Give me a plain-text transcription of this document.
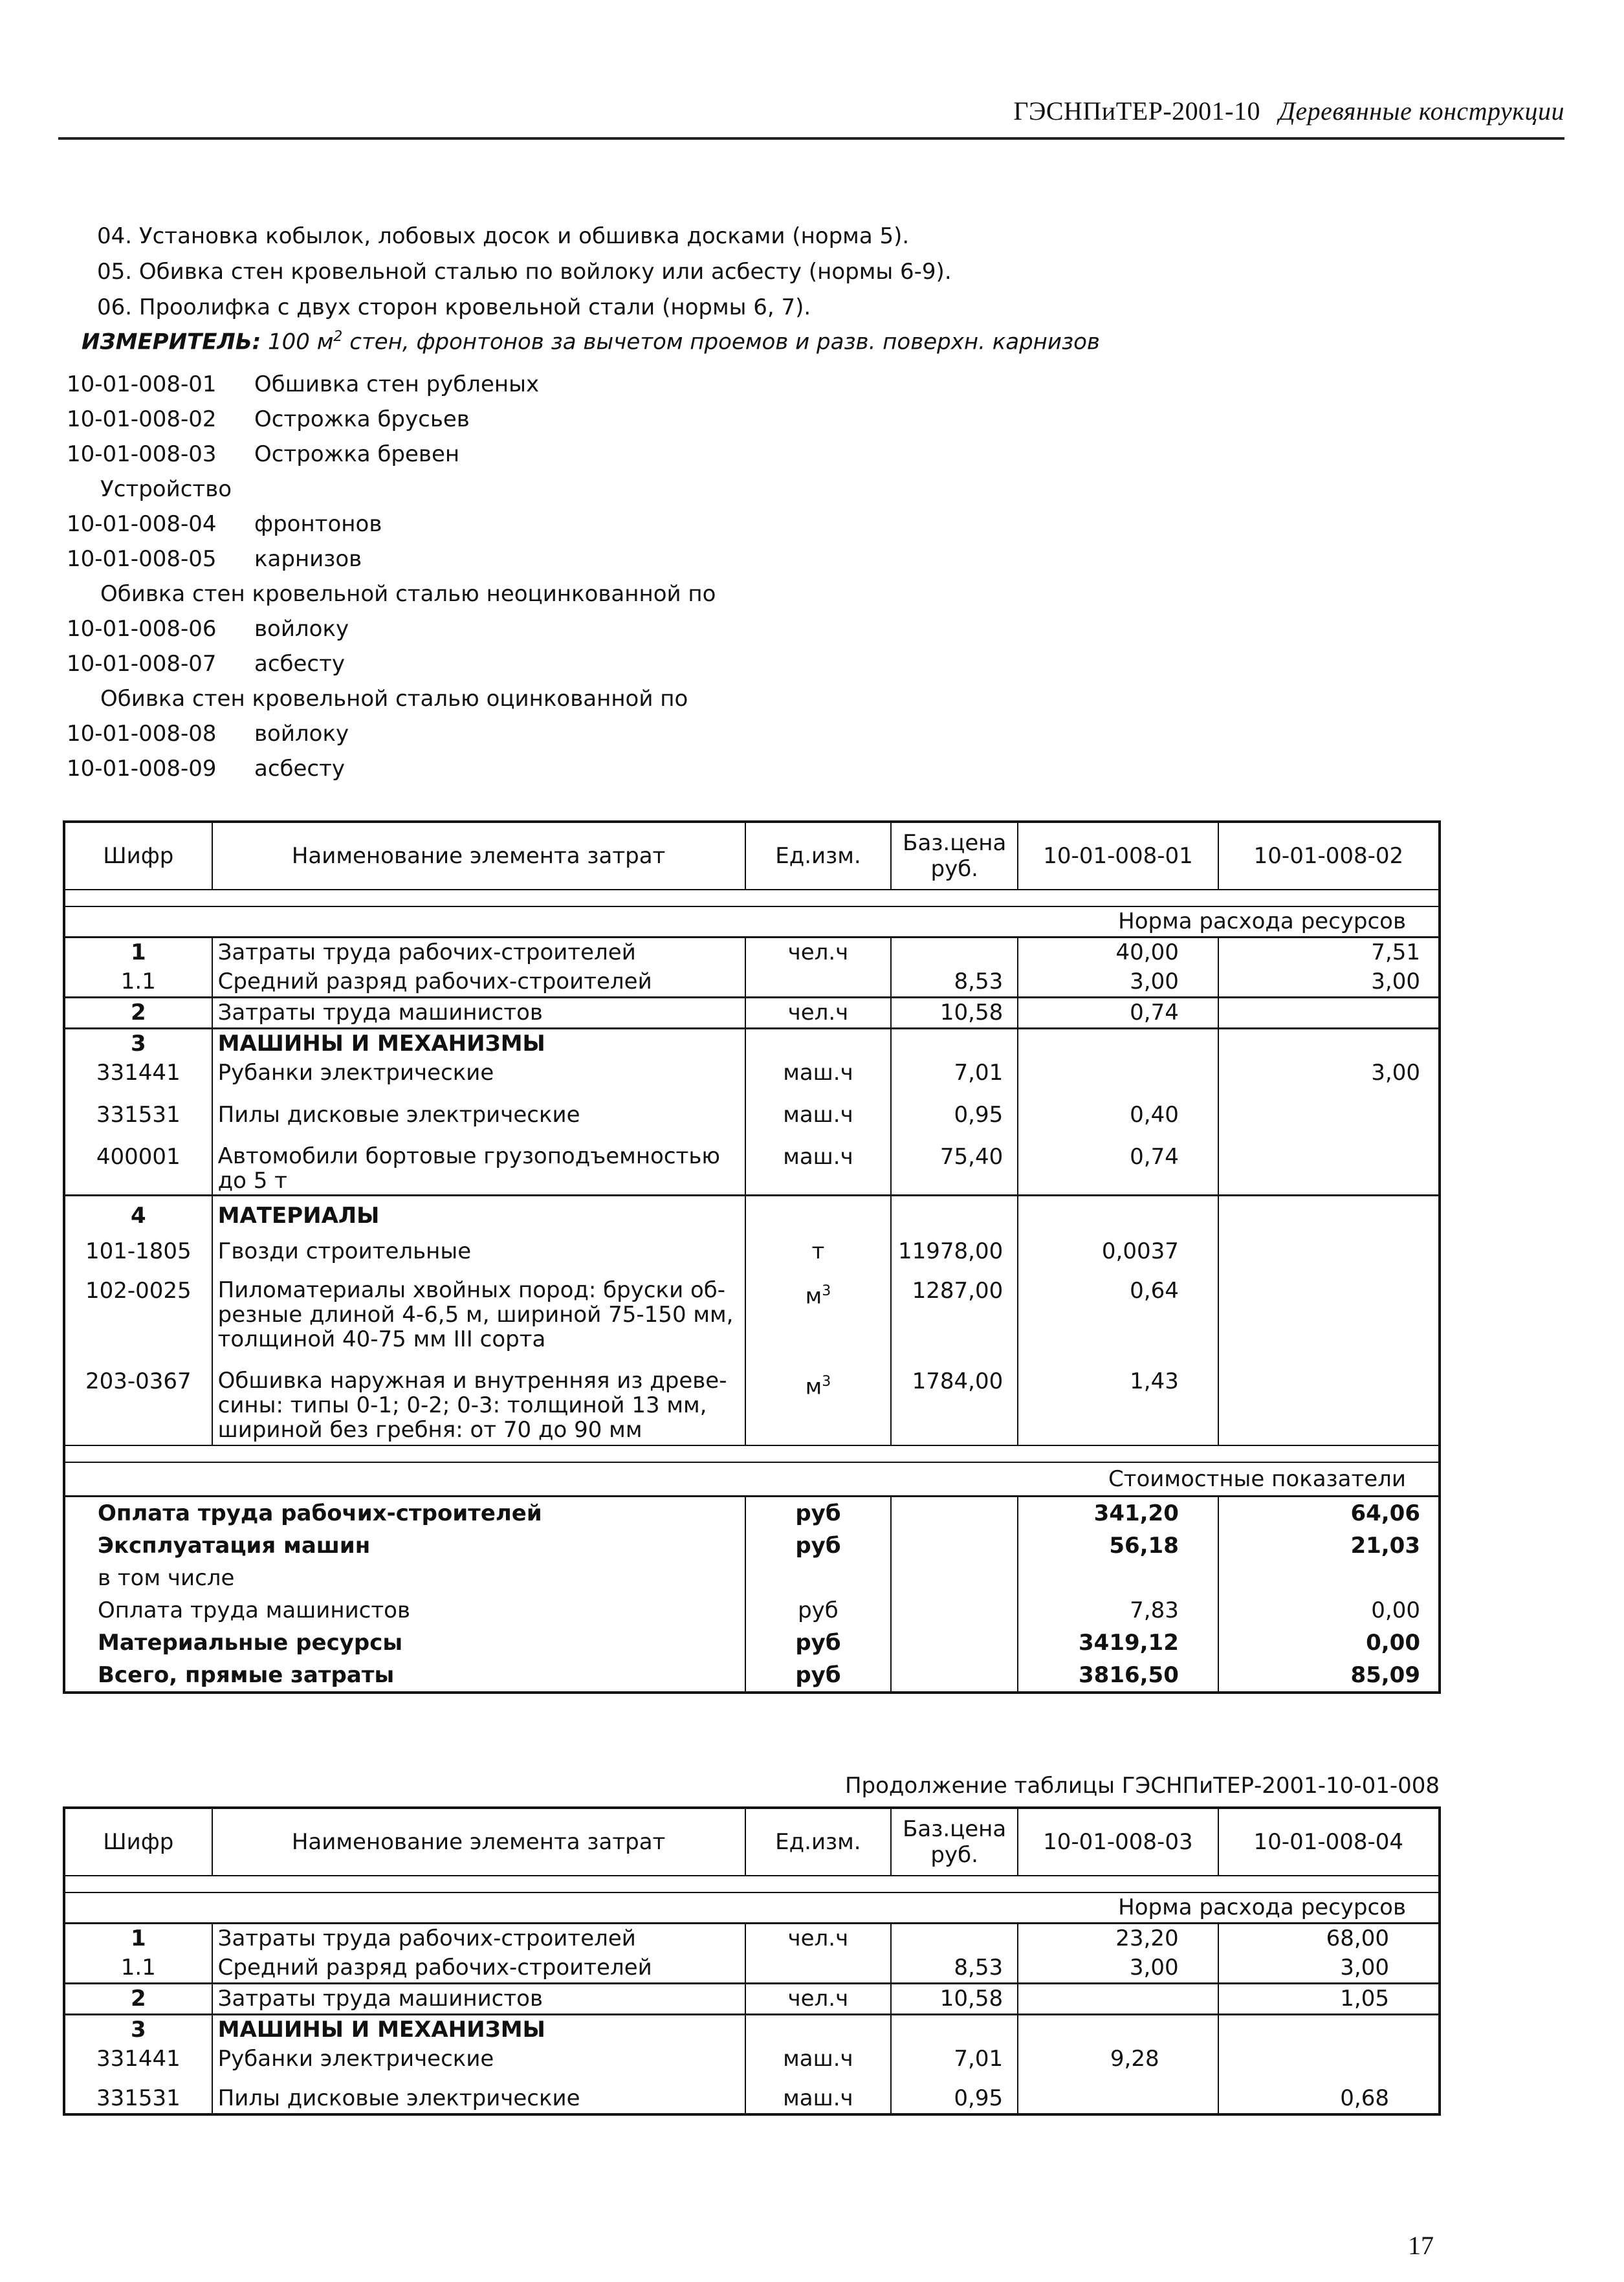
ГЭСНПиТЕР-2001-10 Деревянные конструкции
04. Установка кобылок, лобовых досок и обшивка досками (норма 5).
05. Обивка стен кровельной сталью по войлоку или асбесту (нормы 6-9).
06. Проолифка с двух сторон кровельной стали (нормы 6, 7).
ИЗМЕРИТЕЛЬ: 100 $м^2$ стен, фронтонов за вычетом проемов и разв. поверхн. карнизов
10-01-008-01	Обшивка стен рубленых
10-01-008-02	Острожка брусьев
10-01-008-03	Острожка бревен
Устройство
10-01-008-04	фронтонов
10-01-008-05	карнизов
Обивка стен кровельной сталью неоцинкованной по
10-01-008-06	войлоку
10-01-008-07	асбесту
Обивка стен кровельной сталью оцинкованной по
10-01-008-08	войлоку
10-01-008-09	асбесту
Шифр	Наименование элемента затрат	Ед.изм.	Баз.цена
руб.	10-01-008-01	10-01-008-02

Норма расхода ресурсов					
1	Затраты труда рабочих-строителей	чел.ч		40,00	7,51
1.1	Средний разряд рабочих-строителей		8,53	3,00	3,00
2	Затраты труда машинистов	чел.ч	10,58	0,74	
3	МАШИНЫ И МЕХАНИЗМЫ				
331441	Рубанки электрические	маш.ч	7,01		3,00
331531	Пилы дисковые электрические	маш.ч	0,95	0,40	
400001	Автомобили бортовые грузоподъемностью
до 5 т	маш.ч	75,40	0,74	
4	МАТЕРИАЛЫ				
101-1805	Гвозди строительные	т	11978,00	0,0037	
102-0025	Пиломатериалы хвойных пород: бруски об-
резные длиной 4-6,5 м, шириной 75-150 мм,
толщиной 40-75 мм III сорта	$м^3$	1287,00	0,64	
203-0367	Обшивка наружная и внутренняя из древе-
сины: типы 0-1; 0-2; 0-3: толщиной 13 мм,
шириной без гребня: от 70 до 90 мм	$м^3$	1784,00	1,43	

Стоимостные показатели					
Оплата труда рабочих-строителей		руб		341,20	64,06
Эксплуатация машин		руб		56,18	21,03
в том числе					
Оплата труда машинистов		руб		7,83	0,00
Материальные ресурсы		руб		3419,12	0,00
Всего, прямые затраты		руб		3816,50	85,09
Продолжение таблицы ГЭСНПиТЕР-2001-10-01-008
Шифр	Наименование элемента затрат	Ед.изм.	Баз.цена
руб.	10-01-008-03	10-01-008-04

Норма расхода ресурсов					
1	Затраты труда рабочих-строителей	чел.ч		23,20	68,00
1.1	Средний разряд рабочих-строителей		8,53	3,00	3,00
2	Затраты труда машинистов	чел.ч	10,58		1,05
3	МАШИНЫ И МЕХАНИЗМЫ				
331441	Рубанки электрические	маш.ч	7,01	9,28	
331531	Пилы дисковые электрические	маш.ч	0,95		0,68
17
